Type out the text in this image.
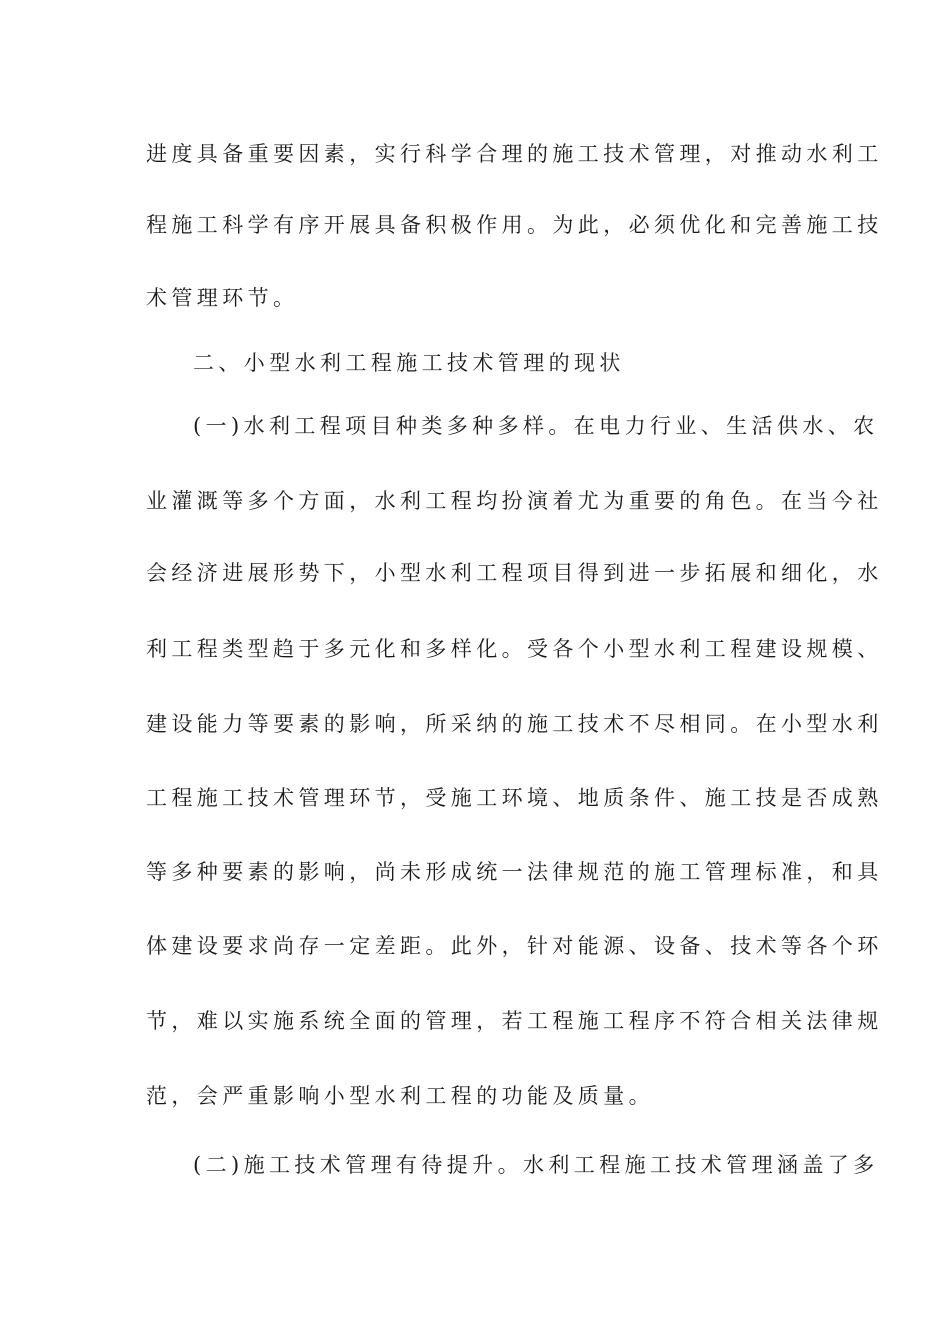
进度具备重要因素，实行科学合理的施工技术管理，对推动水利工
程施工科学有序开展具备积极作用。为此，必须优化和完善施工技
术管理环节。
二、小型水利工程施工技术管理的现状
(一)水利工程项目种类多种多样。在电力行业、生活供水、农
业灌溉等多个方面，水利工程均扮演着尤为重要的角色。在当今社
会经济进展形势下，小型水利工程项目得到进一步拓展和细化，水
利工程类型趋于多元化和多样化。受各个小型水利工程建设规模、
建设能力等要素的影响，所采纳的施工技术不尽相同。在小型水利
工程施工技术管理环节，受施工环境、地质条件、施工技是否成熟
等多种要素的影响，尚未形成统一法律规范的施工管理标准，和具
体建设要求尚存一定差距。此外，针对能源、设备、技术等各个环
节，难以实施系统全面的管理，若工程施工程序不符合相关法律规
范，会严重影响小型水利工程的功能及质量。
(二)施工技术管理有待提升。水利工程施工技术管理涵盖了多
